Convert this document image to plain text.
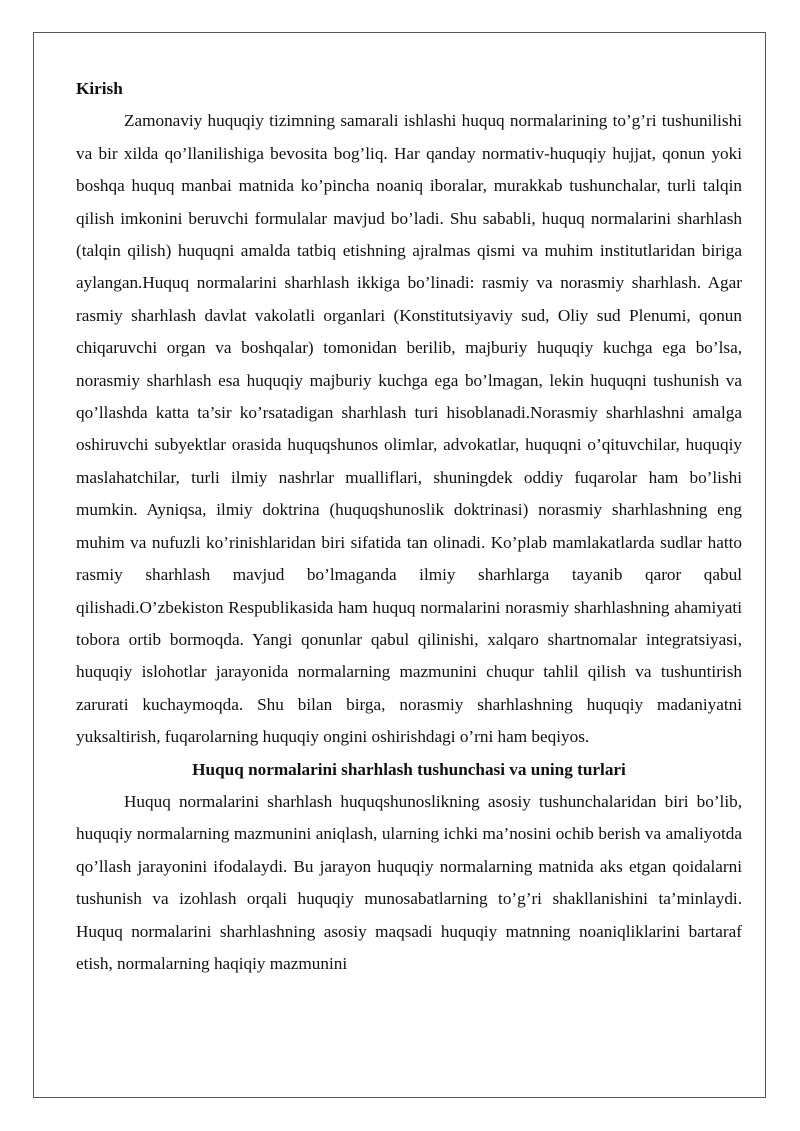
Kirish

Zamonaviy huquqiy tizimning samarali ishlashi huquq normalarining to’g’ri tushunilishi va bir xilda qo’llanilishiga bevosita bog’liq. Har qanday normativ-huquqiy hujjat, qonun yoki boshqa huquq manbai matnida ko’pincha noaniq iboralar, murakkab tushunchalar, turli talqin qilish imkonini beruvchi formulalar mavjud bo’ladi. Shu sababli, huquq normalarini sharhlash (talqin qilish) huquqni amalda tatbiq etishning ajralmas qismi va muhim institutlaridan biriga aylangan.Huquq normalarini sharhlash ikkiga bo’linadi: rasmiy va norasmiy sharhlash. Agar rasmiy sharhlash davlat vakolatli organlari (Konstitutsiyaviy sud, Oliy sud Plenumi, qonun chiqaruvchi organ va boshqalar) tomonidan berilib, majburiy huquqiy kuchga ega bo’lsa, norasmiy sharhlash esa huquqiy majburiy kuchga ega bo’lmagan, lekin huquqni tushunish va qo’llashda katta ta’sir ko’rsatadigan sharhlash turi hisoblanadi.Norasmiy sharhlashni amalga oshiruvchi subyektlar orasida huquqshunos olimlar, advokatlar, huquqni o’qituvchilar, huquqiy maslahatchilar, turli ilmiy nashrlar mualliflari, shuningdek oddiy fuqarolar ham bo’lishi mumkin. Ayniqsa, ilmiy doktrina (huquqshunoslik doktrinasi) norasmiy sharhlashning eng muhim va nufuzli ko’rinishlaridan biri sifatida tan olinadi. Ko’plab mamlakatlarda sudlar hatto rasmiy sharhlash mavjud bo’lmaganda ilmiy sharhlarga tayanib qaror qabul qilishadi.O’zbekiston Respublikasida ham huquq normalarini norasmiy sharhlashning ahamiyati tobora ortib bormoqda. Yangi qonunlar qabul qilinishi, xalqaro shartnomalar integratsiyasi, huquqiy islohotlar jarayonida normalarning mazmunini chuqur tahlil qilish va tushuntirish zarurati kuchaymoqda. Shu bilan birga, norasmiy sharhlashning huquqiy madaniyatni yuksaltirish, fuqarolarning huquqiy ongini oshirishdagi o’rni ham beqiyos.

Huquq normalarini sharhlash tushunchasi va uning turlari

Huquq normalarini sharhlash huquqshunoslikning asosiy tushunchalaridan biri bo’lib, huquqiy normalarning mazmunini aniqlash, ularning ichki ma’nosini ochib berish va amaliyotda qo’llash jarayonini ifodalaydi. Bu jarayon huquqiy normalarning matnida aks etgan qoidalarni tushunish va izohlash orqali huquqiy munosabatlarning to’g’ri shakllanishini ta’minlaydi. Huquq normalarini sharhlashning asosiy maqsadi huquqiy matnning noaniqliklarini bartaraf etish, normalarning haqiqiy mazmunini
